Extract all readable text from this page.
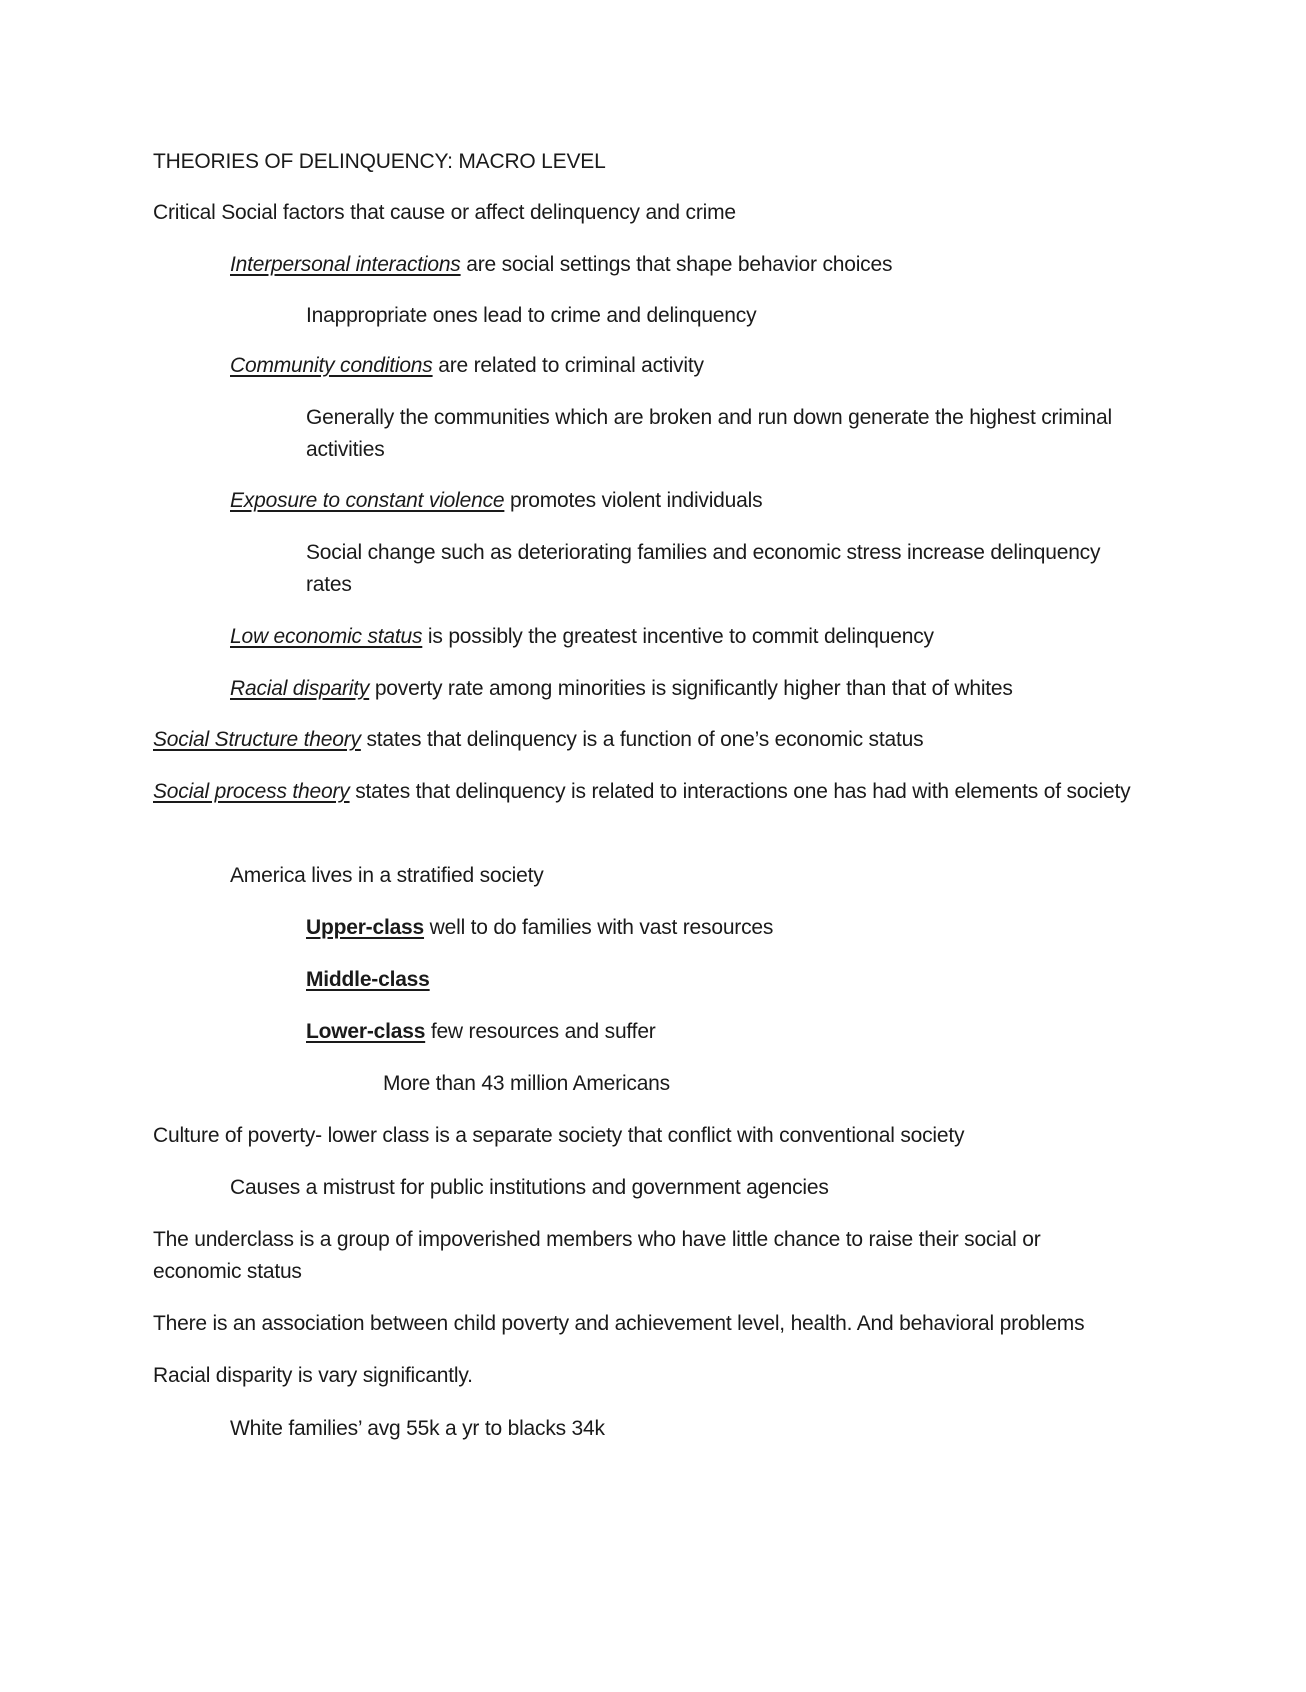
THEORIES OF DELINQUENCY: MACRO LEVEL
Critical Social factors that cause or affect delinquency and crime
Interpersonal interactions are social settings that shape behavior choices
Inappropriate ones lead to crime and delinquency
Community conditions are related to criminal activity
Generally the communities which are broken and run down generate the highest criminal activities
Exposure to constant violence promotes violent individuals
Social change such as deteriorating families and economic stress increase delinquency rates
Low economic status is possibly the greatest incentive to commit delinquency
Racial disparity poverty rate among minorities is significantly higher than that of whites
Social Structure theory states that delinquency is a function of one’s economic status
Social process theory states that delinquency is related to interactions one has had with elements of society
America lives in a stratified society
Upper-class well to do families with vast resources
Middle-class
Lower-class few resources and suffer
More than 43 million Americans
Culture of poverty- lower class is a separate society that conflict with conventional society
Causes a mistrust for public institutions and government agencies
The underclass is a group of impoverished members who have little chance to raise their social or economic status
There is an association between child poverty and achievement level, health. And behavioral problems
Racial disparity is vary significantly.
White families’ avg 55k a yr to blacks 34k
